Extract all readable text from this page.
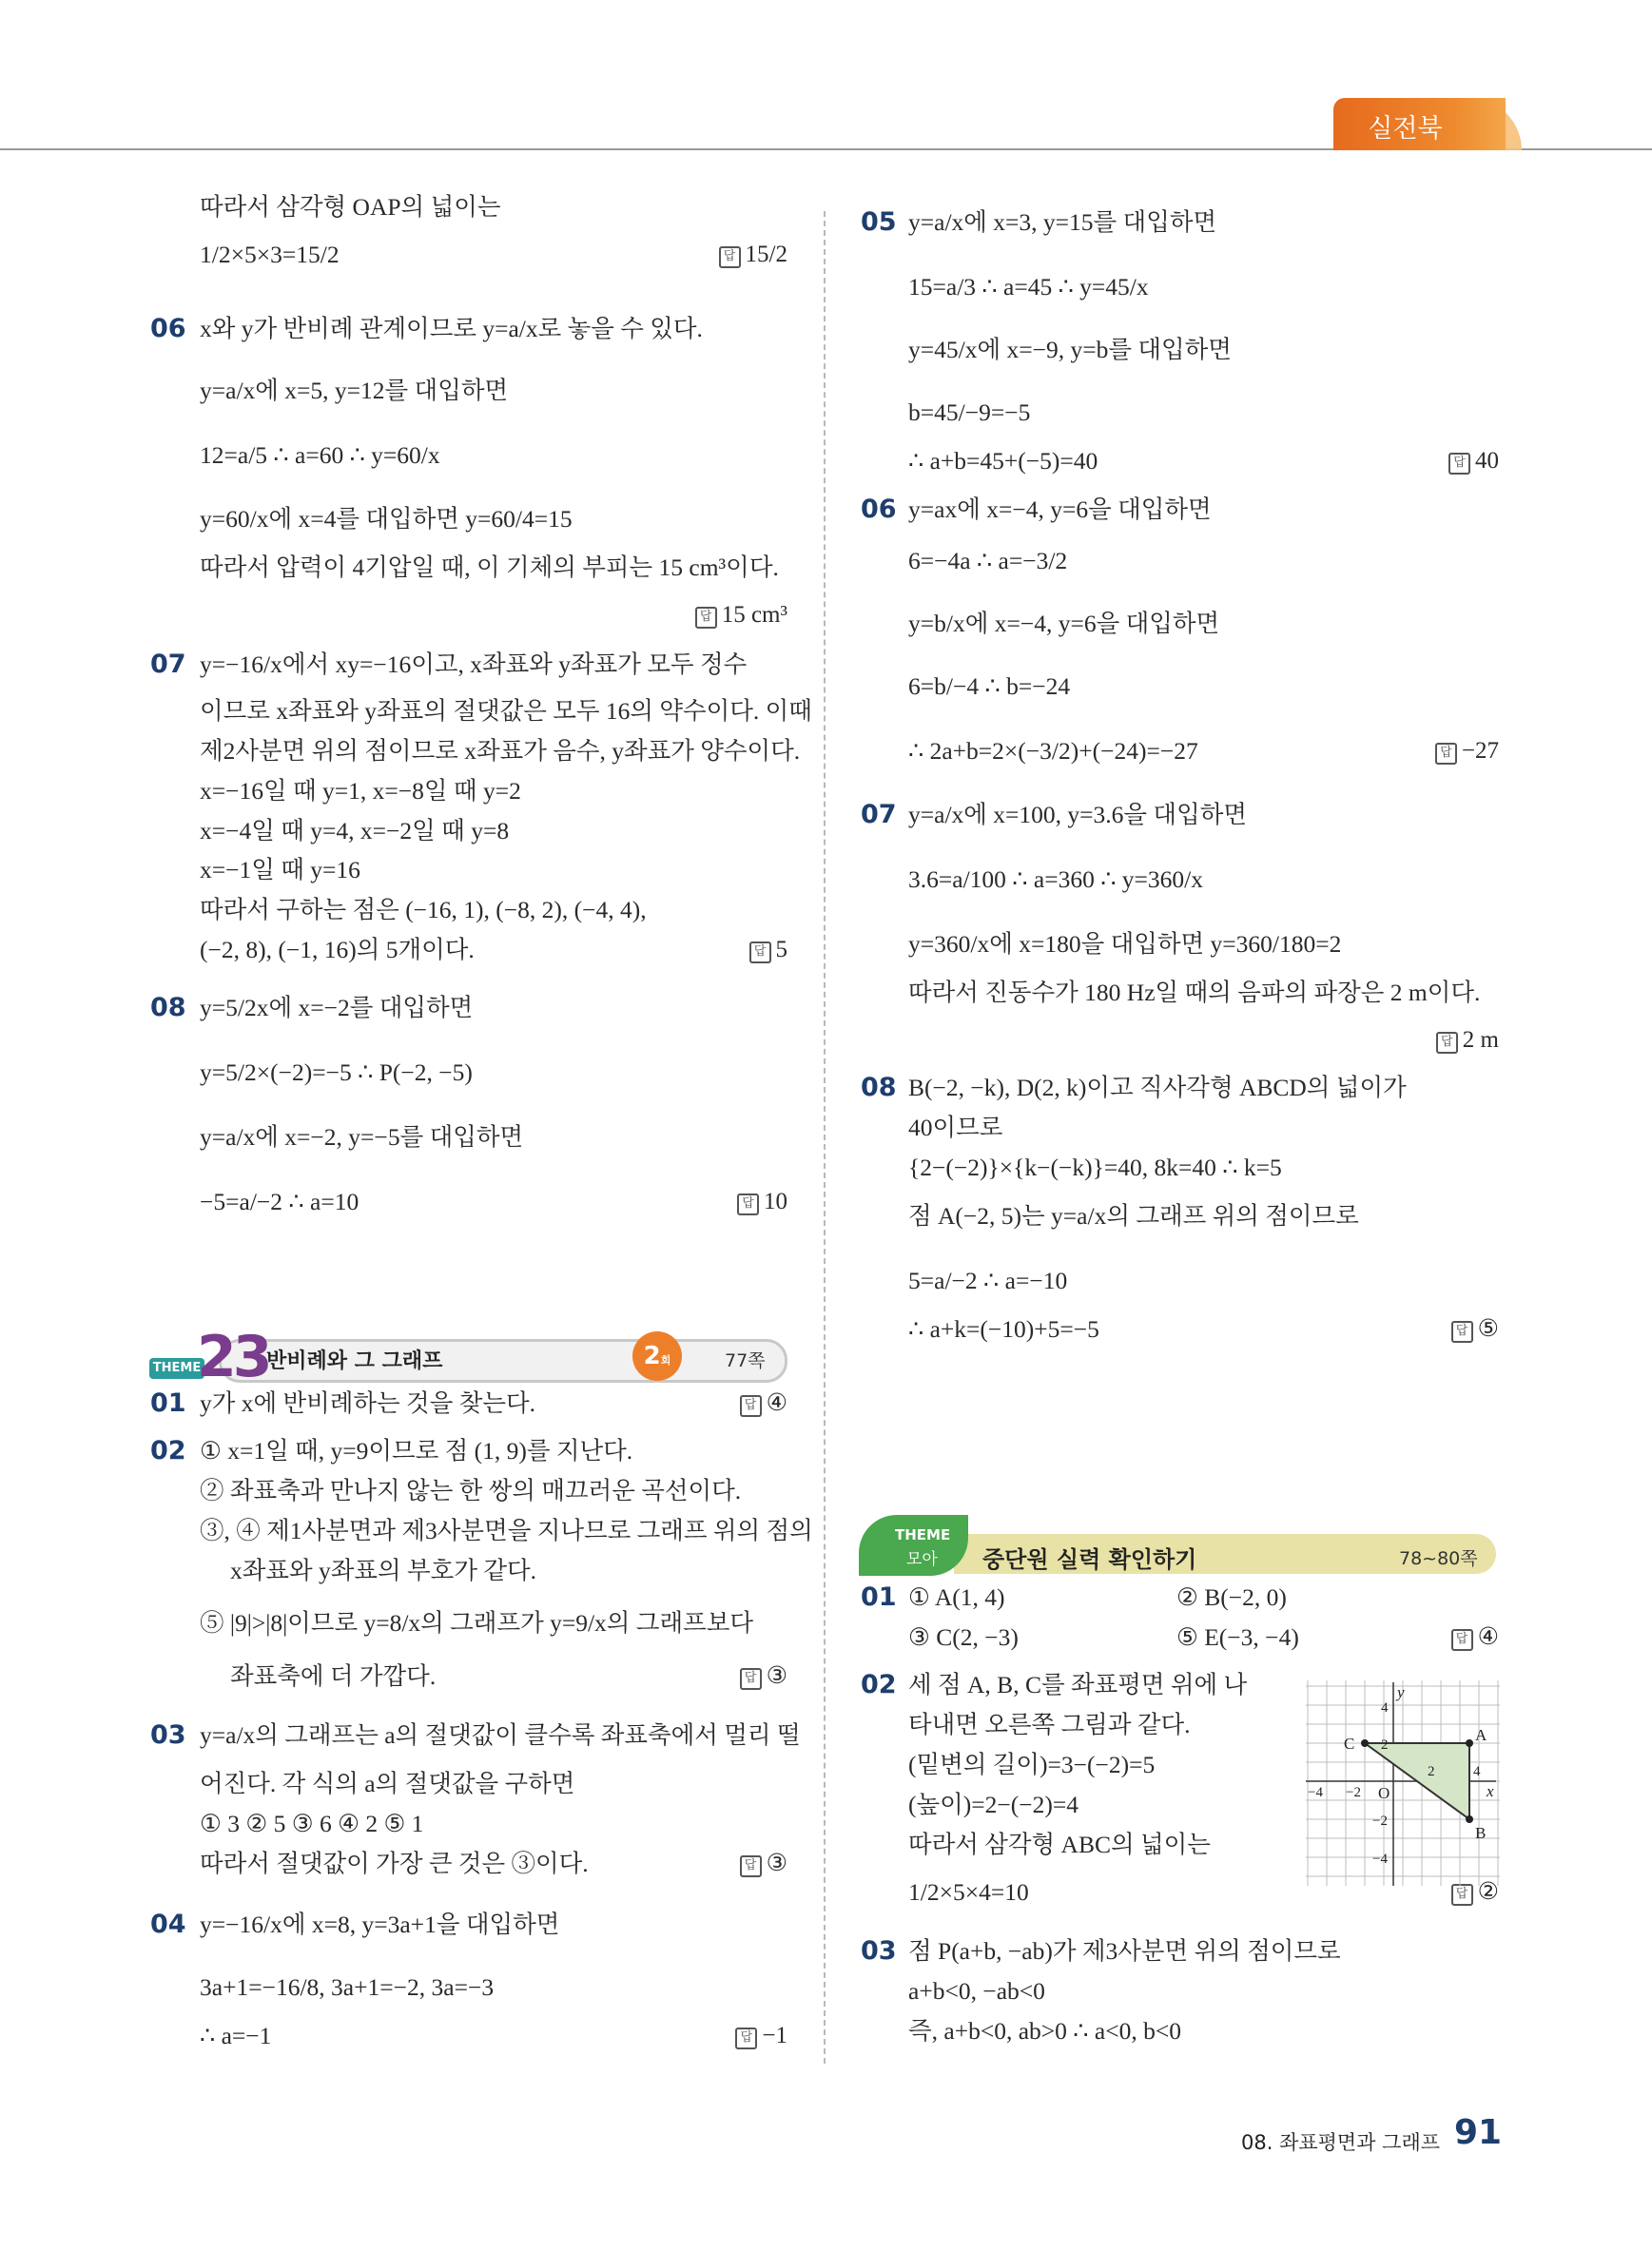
실전북
따라서 삼각형 OAP의 넓이는
1/2×5×3=15/2
x와 y가 반비례 관계이므로 y=a/x로 놓을 수 있다.
y=a/x에 x=5, y=12를 대입하면
12=a/5 ∴ a=60 ∴ y=60/x
y=60/x에 x=4를 대입하면 y=60/4=15
따라서 압력이 4기압일 때, 이 기체의 부피는 15 cm³이다.
y=−16/x에서 xy=−16이고, x좌표와 y좌표가 모두 정수
이므로 x좌표와 y좌표의 절댓값은 모두 16의 약수이다. 이때
제2사분면 위의 점이므로 x좌표가 음수, y좌표가 양수이다.
x=−16일 때 y=1, x=−8일 때 y=2
x=−4일 때 y=4, x=−2일 때 y=8
x=−1일 때 y=16
따라서 구하는 점은 (−16, 1), (−8, 2), (−4, 4),
(−2, 8), (−1, 16)의 5개이다.
y=5/2x에 x=−2를 대입하면
y=5/2×(−2)=−5 ∴ P(−2, −5)
y=a/x에 x=−2, y=−5를 대입하면
−5=a/−2 ∴ a=10
y가 x에 반비례하는 것을 찾는다.
① x=1일 때, y=9이므로 점 (1, 9)를 지난다.
② 좌표축과 만나지 않는 한 쌍의 매끄러운 곡선이다.
③, ④ 제1사분면과 제3사분면을 지나므로 그래프 위의 점의
x좌표와 y좌표의 부호가 같다.
⑤ |9|>|8|이므로 y=8/x의 그래프가 y=9/x의 그래프보다
좌표축에 더 가깝다.
y=a/x의 그래프는 a의 절댓값이 클수록 좌표축에서 멀리 떨
어진다. 각 식의 a의 절댓값을 구하면
① 3 ② 5 ③ 6 ④ 2 ⑤ 1
따라서 절댓값이 가장 큰 것은 ③이다.
y=−16/x에 x=8, y=3a+1을 대입하면
3a+1=−16/8, 3a+1=−2, 3a=−3
∴ a=−1
06
07
08
01
02
03
04
답 15/2
답 15 cm³
답 5
답 10
답 ④
답 ③
답 ③
답 −1
y=a/x에 x=3, y=15를 대입하면
15=a/3 ∴ a=45 ∴ y=45/x
y=45/x에 x=−9, y=b를 대입하면
b=45/−9=−5
∴ a+b=45+(−5)=40
y=ax에 x=−4, y=6을 대입하면
6=−4a ∴ a=−3/2
y=b/x에 x=−4, y=6을 대입하면
6=b/−4 ∴ b=−24
∴ 2a+b=2×(−3/2)+(−24)=−27
y=a/x에 x=100, y=3.6을 대입하면
3.6=a/100 ∴ a=360 ∴ y=360/x
y=360/x에 x=180을 대입하면 y=360/180=2
따라서 진동수가 180 Hz일 때의 음파의 파장은 2 m이다.
B(−2, −k), D(2, k)이고 직사각형 ABCD의 넓이가
40이므로
{2−(−2)}×{k−(−k)}=40, 8k=40 ∴ k=5
점 A(−2, 5)는 y=a/x의 그래프 위의 점이므로
5=a/−2 ∴ a=−10
∴ a+k=(−10)+5=−5
① A(1, 4)	② B(−2, 0)
③ C(2, −3)	⑤ E(−3, −4)
세 점 A, B, C를 좌표평면 위에 나
타내면 오른쪽 그림과 같다.
(밑변의 길이)=3−(−2)=5
(높이)=2−(−2)=4
따라서 삼각형 ABC의 넓이는
1/2×5×4=10
점 P(a+b, −ab)가 제3사분면 위의 점이므로
a+b<0, −ab<0
즉, a+b<0, ab>0 ∴ a<0, b<0
05
06
07
08
01
02
03
답 40
답 −27
답 2 m
답 ⑤
답 ④
답 ②
THEME
23
반비례와 그 그래프	2회	77쪽
THEME
모아 중단원 실력 확인하기	78~80쪽
y
x
O
A
B
C
4
2
−2
−4
−4 −2
2	4
08. 좌표평면과 그래프 91
